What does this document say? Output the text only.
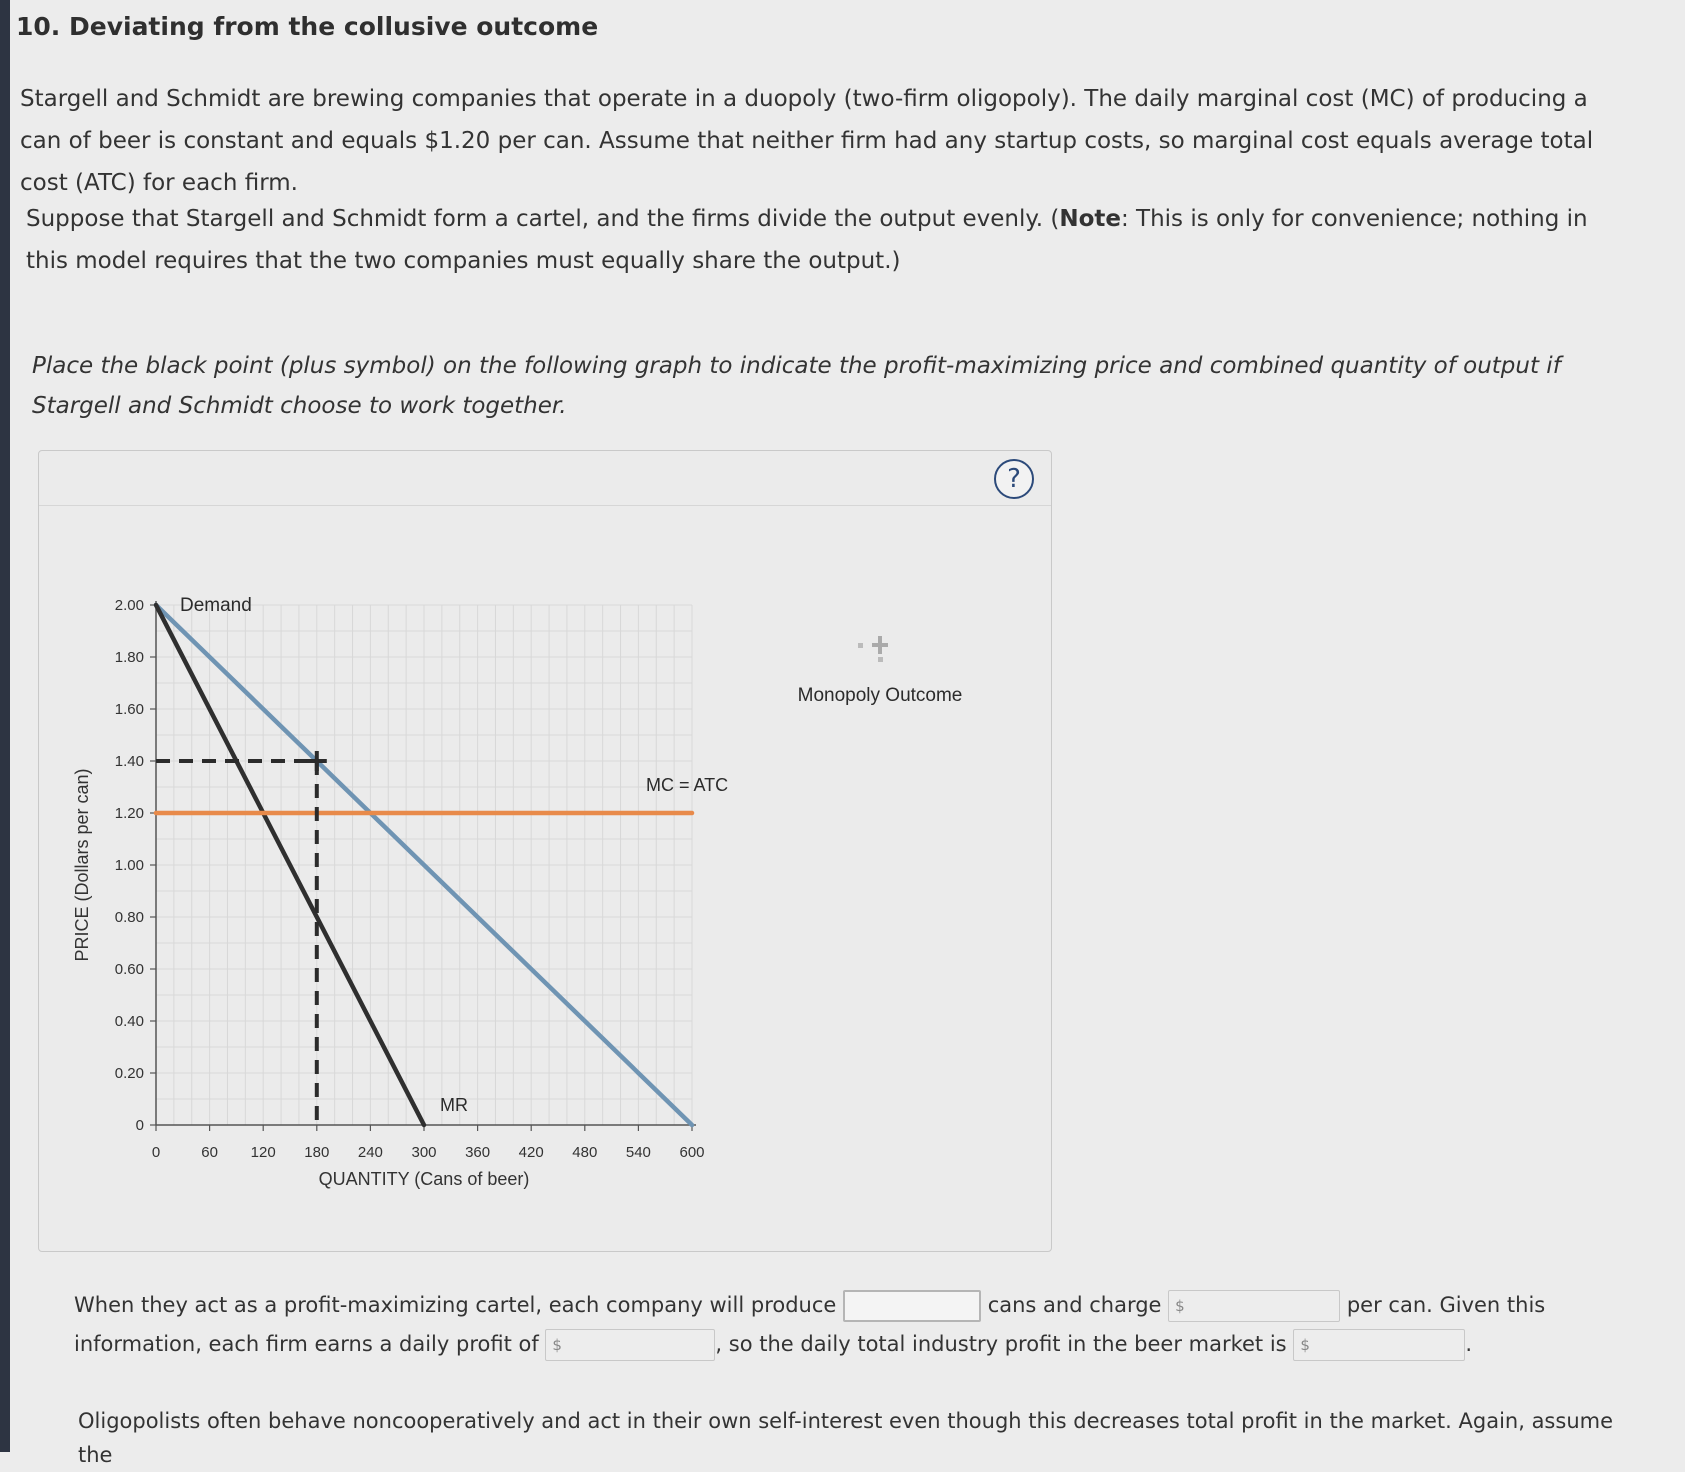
10. Deviating from the collusive outcome
Stargell and Schmidt are brewing companies that operate in a duopoly (two-firm oligopoly). The daily marginal cost (MC) of producing a can of beer is constant and equals $1.20 per can. Assume that neither firm had any startup costs, so marginal cost equals average total cost (ATC) for each firm.
Suppose that Stargell and Schmidt form a cartel, and the firms divide the output evenly. (Note: This is only for convenience; nothing in this model requires that the two companies must equally share the output.)
Place the black point (plus symbol) on the following graph to indicate the profit-maximizing price and combined quantity of output if Stargell and Schmidt choose to work together.
?
0	60 120 180 240 300 360 420 480 540 600
0
0.20
0.40
0.60
0.80
1.00
1.20
1.40
1.60
1.80
2.00
QUANTITY (Cans of beer)
PRICE (Dollars per can)
Demand
MR
MC = ATC
Monopoly Outcome
When they act as a profit-maximizing cartel, each company will produce	cans and charge $	per can. Given this information, each firm earns a daily profit of $	, so the daily total industry profit in the beer market is $	.
Oligopolists often behave noncooperatively and act in their own self-interest even though this decreases total profit in the market. Again, assume the
